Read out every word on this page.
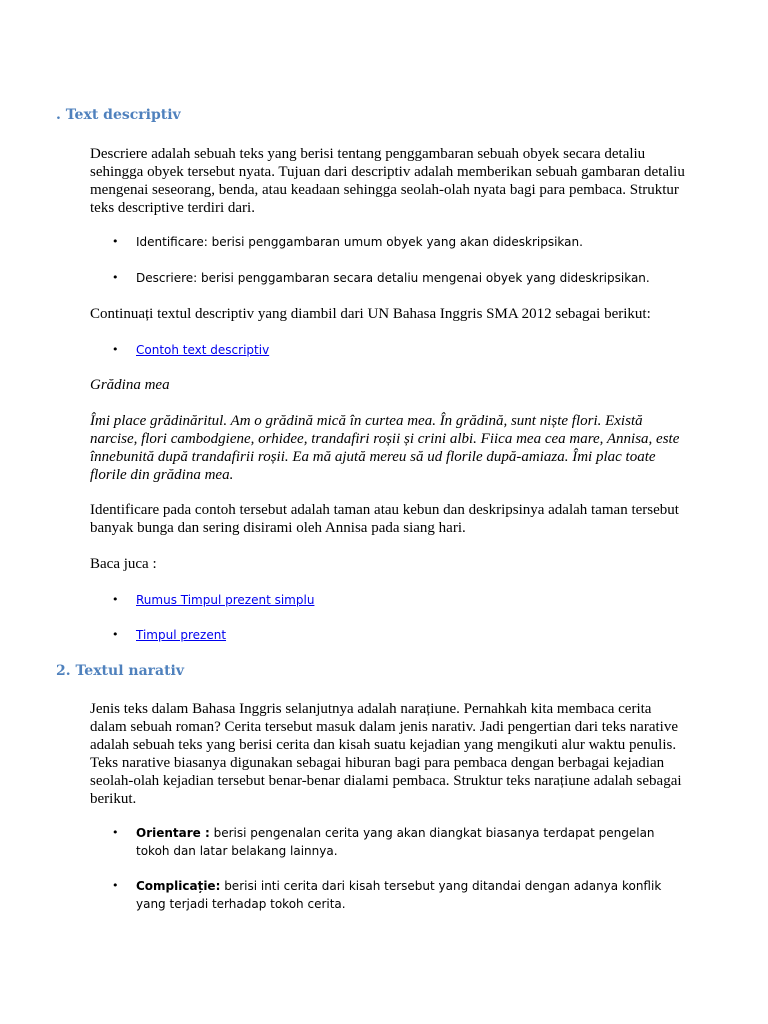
. Text descriptiv

Descriere adalah sebuah teks yang berisi tentang penggambaran sebuah obyek secara detaliu sehingga obyek tersebut nyata. Tujuan dari descriptiv adalah memberikan sebuah gambaran detaliu mengenai seseorang, benda, atau keadaan sehingga seolah-olah nyata bagi para pembaca. Struktur teks descriptive terdiri dari.

• Identificare: berisi penggambaran umum obyek yang akan dideskripsikan.
• Descriere: berisi penggambaran secara detaliu mengenai obyek yang dideskripsikan.

Continuați textul descriptiv yang diambil dari UN Bahasa Inggris SMA 2012 sebagai berikut:

• Contoh text descriptiv

Grădina mea

Îmi place grădinăritul. Am o grădină mică în curtea mea. În grădină, sunt niște flori. Există narcise, flori cambodgiene, orhidee, trandafiri roșii și crini albi. Fiica mea cea mare, Annisa, este înnebunită după trandafirii roșii. Ea mă ajută mereu să ud florile după-amiaza. Îmi plac toate florile din grădina mea.

Identificare pada contoh tersebut adalah taman atau kebun dan deskripsinya adalah taman tersebut banyak bunga dan sering disirami oleh Annisa pada siang hari.

Baca juca :

• Rumus Timpul prezent simplu
• Timpul prezent
2. Textul narativ

Jenis teks dalam Bahasa Inggris selanjutnya adalah narațiune. Pernahkah kita membaca cerita dalam sebuah roman? Cerita tersebut masuk dalam jenis narativ. Jadi pengertian dari teks narative adalah sebuah teks yang berisi cerita dan kisah suatu kejadian yang mengikuti alur waktu penulis. Teks narative biasanya digunakan sebagai hiburan bagi para pembaca dengan berbagai kejadian seolah-olah kejadian tersebut benar-benar dialami pembaca. Struktur teks narațiune adalah sebagai berikut.

• Orientare : berisi pengenalan cerita yang akan diangkat biasanya terdapat pengelan tokoh dan latar belakang lainnya.
• Complicație: berisi inti cerita dari kisah tersebut yang ditandai dengan adanya konflik yang terjadi terhadap tokoh cerita.
